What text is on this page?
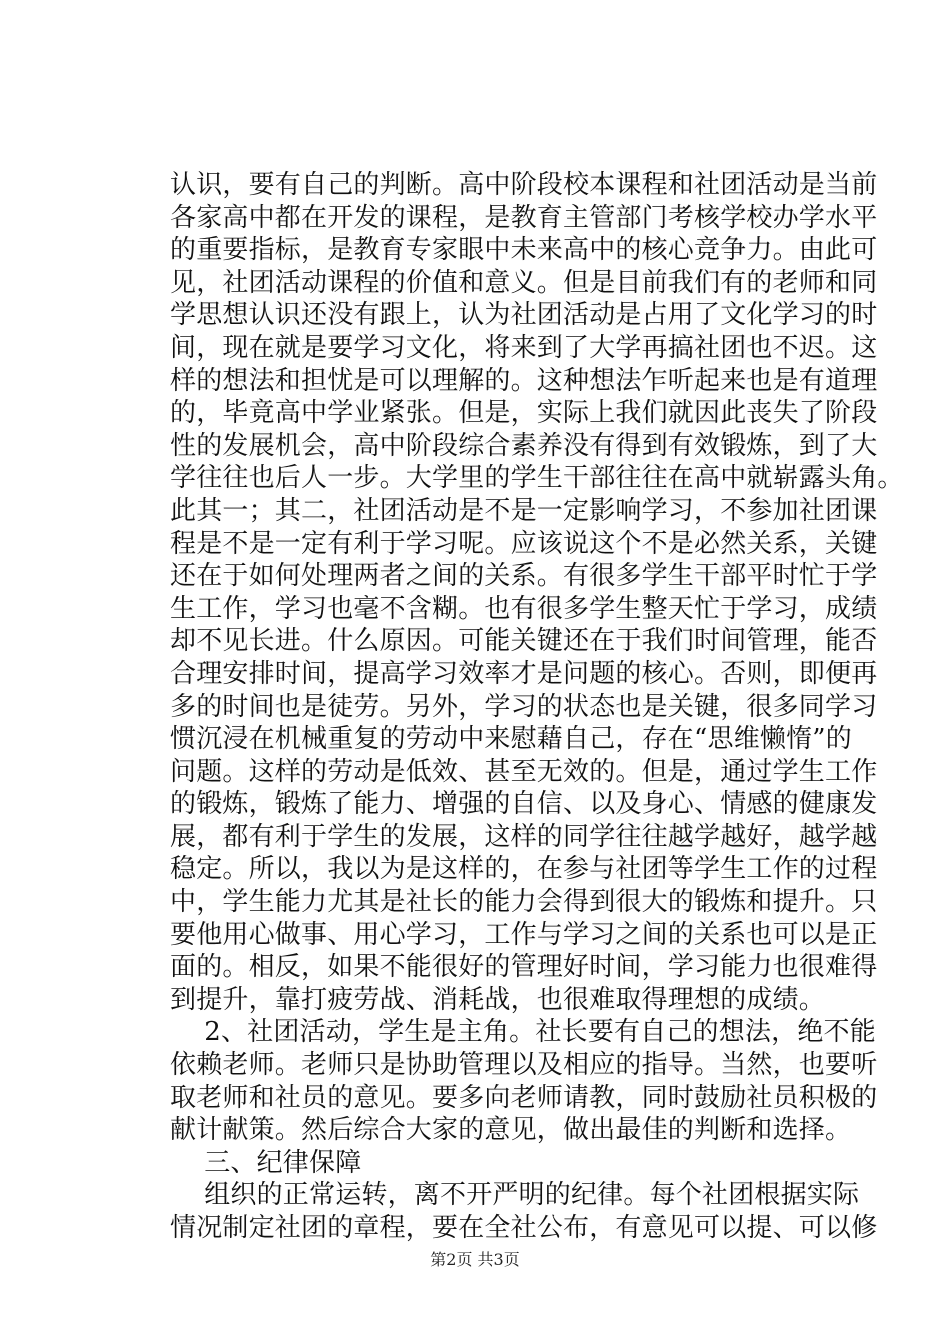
认识，要有自己的判断。高中阶段校本课程和社团活动是当前
各家高中都在开发的课程，是教育主管部门考核学校办学水平
的重要指标，是教育专家眼中未来高中的核心竞争力。由此可
见，社团活动课程的价值和意义。但是目前我们有的老师和同
学思想认识还没有跟上，认为社团活动是占用了文化学习的时
间，现在就是要学习文化，将来到了大学再搞社团也不迟。这
样的想法和担忧是可以理解的。这种想法乍听起来也是有道理
的，毕竟高中学业紧张。但是，实际上我们就因此丧失了阶段
性的发展机会，高中阶段综合素养没有得到有效锻炼，到了大
学往往也后人一步。大学里的学生干部往往在高中就崭露头角。
此其一；其二，社团活动是不是一定影响学习，不参加社团课
程是不是一定有利于学习呢。应该说这个不是必然关系，关键
还在于如何处理两者之间的关系。有很多学生干部平时忙于学
生工作，学习也毫不含糊。也有很多学生整天忙于学习，成绩
却不见长进。什么原因。可能关键还在于我们时间管理，能否
合理安排时间，提高学习效率才是问题的核心。否则，即便再
多的时间也是徒劳。另外，学习的状态也是关键，很多同学习
惯沉浸在机械重复的劳动中来慰藉自己，存在“思维懒惰”的
问题。这样的劳动是低效、甚至无效的。但是，通过学生工作
的锻炼，锻炼了能力、增强的自信、以及身心、情感的健康发
展，都有利于学生的发展，这样的同学往往越学越好，越学越
稳定。所以，我以为是这样的，在参与社团等学生工作的过程
中，学生能力尤其是社长的能力会得到很大的锻炼和提升。只
要他用心做事、用心学习，工作与学习之间的关系也可以是正
面的。相反，如果不能很好的管理好时间，学习能力也很难得
到提升，靠打疲劳战、消耗战，也很难取得理想的成绩。
　2、社团活动，学生是主角。社长要有自己的想法，绝不能
依赖老师。老师只是协助管理以及相应的指导。当然，也要听
取老师和社员的意见。要多向老师请教，同时鼓励社员积极的
献计献策。然后综合大家的意见，做出最佳的判断和选择。
　三、纪律保障
　组织的正常运转，离不开严明的纪律。每个社团根据实际
情况制定社团的章程，要在全社公布，有意见可以提、可以修
第2页 共3页
